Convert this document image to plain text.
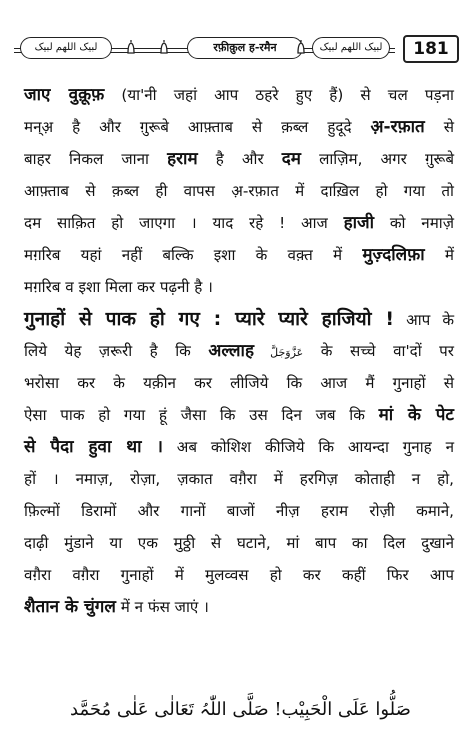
لبیک اللھم لبیک	रफ़ीक़ुल ह-रमैन	لبیک اللھم لبیک	181
जाए वुक़ूफ़ (या'नी जहां आप ठहरे हुए हैं) से चल पड़ना
मन्अ़ है और ग़ुरूबे आफ़्ताब से क़ब्ल हुदूदे अ़-रफ़ात से
बाहर निकल जाना हराम है और दम लाज़िम, अगर ग़ुरूबे
आफ़्ताब से क़ब्ल ही वापस अ़-रफ़ात में दाख़िल हो गया तो
दम साक़ित हो जाएगा । याद रहे ! आज हाजी को नमाज़े
मग़रिब यहां नहीं बल्कि इशा के वक़्त में मुज़्दलिफ़ा में
मग़रिब व इशा मिला कर पढ़नी है ।
गुनाहों से पाक हो गए : प्यारे प्यारे हाजियो ! आप के
लिये येह ज़रूरी है कि अल्लाह عَزَّوَجَلَّ के सच्चे वा'दों पर
भरोसा कर के यक़ीन कर लीजिये कि आज मैं गुनाहों से
ऐसा पाक हो गया हूं जैसा कि उस दिन जब कि मां के पेट
से पैदा हुवा था । अब कोशिश कीजिये कि आयन्दा गुनाह न
हों । नमाज़, रोज़ा, ज़कात वग़ैरा में हरगिज़ कोताही न हो,
फ़िल्मों डिरामों और गानों बाजों नीज़ हराम रोज़ी कमाने,
दाढ़ी मुंडाने या एक मुठ्ठी से घटाने, मां बाप का दिल दुखाने
वग़ैरा वग़ैरा गुनाहों में मुलव्वस हो कर कहीं फिर आप
शैतान के चुंगल में न फंस जाएं ।
صَلُّوا عَلَی الْحَبِیْب! صَلَّی اللّٰہُ تَعَالٰی عَلٰی مُحَمَّد
